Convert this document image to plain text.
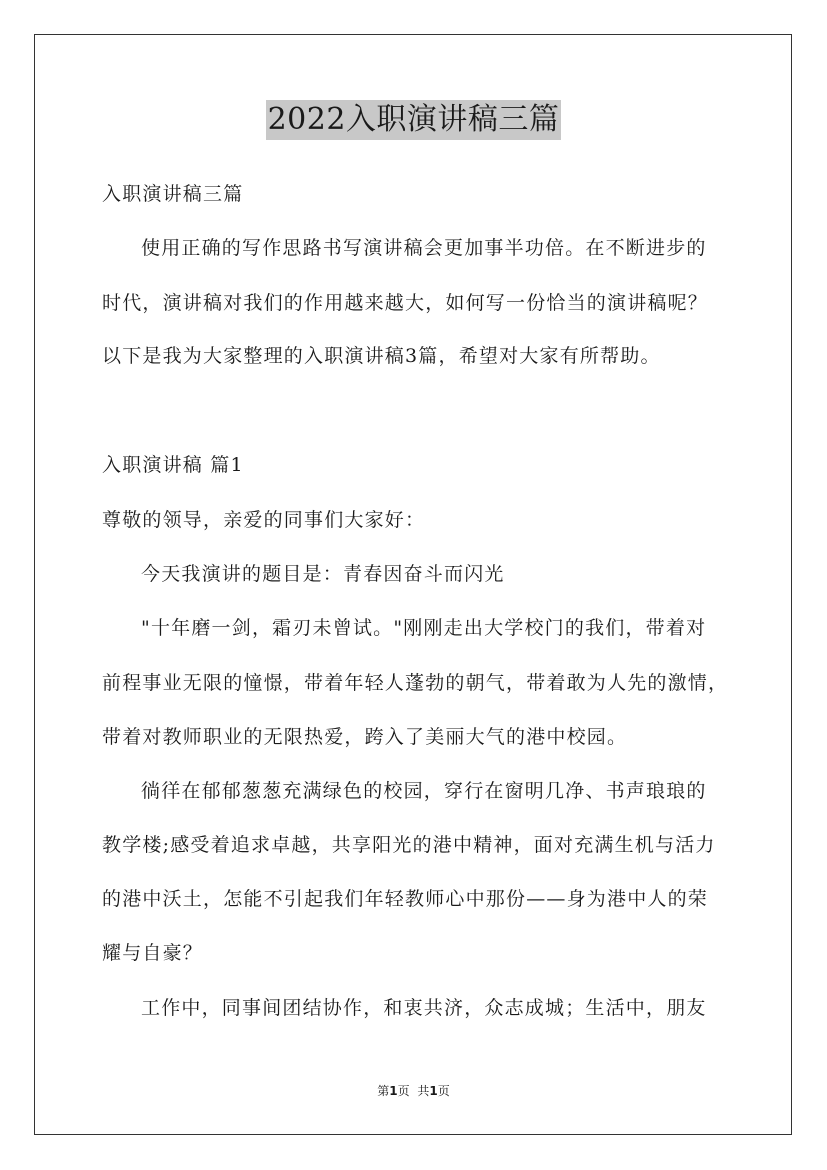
2022入职演讲稿三篇
入职演讲稿三篇
使用正确的写作思路书写演讲稿会更加事半功倍。在不断进步的
时代，演讲稿对我们的作用越来越大，如何写一份恰当的演讲稿呢？
以下是我为大家整理的入职演讲稿3篇，希望对大家有所帮助。
入职演讲稿 篇1
尊敬的领导，亲爱的同事们大家好：
今天我演讲的题目是：青春因奋斗而闪光
"十年磨一剑，霜刃未曾试。"刚刚走出大学校门的我们，带着对
前程事业无限的憧憬，带着年轻人蓬勃的朝气，带着敢为人先的激情，
带着对教师职业的无限热爱，跨入了美丽大气的港中校园。
徜徉在郁郁葱葱充满绿色的校园，穿行在窗明几净、书声琅琅的
教学楼;感受着追求卓越，共享阳光的港中精神，面对充满生机与活力
的港中沃土，怎能不引起我们年轻教师心中那份——身为港中人的荣
耀与自豪？
工作中，同事间团结协作，和衷共济，众志成城；生活中，朋友
第1页 共1页
